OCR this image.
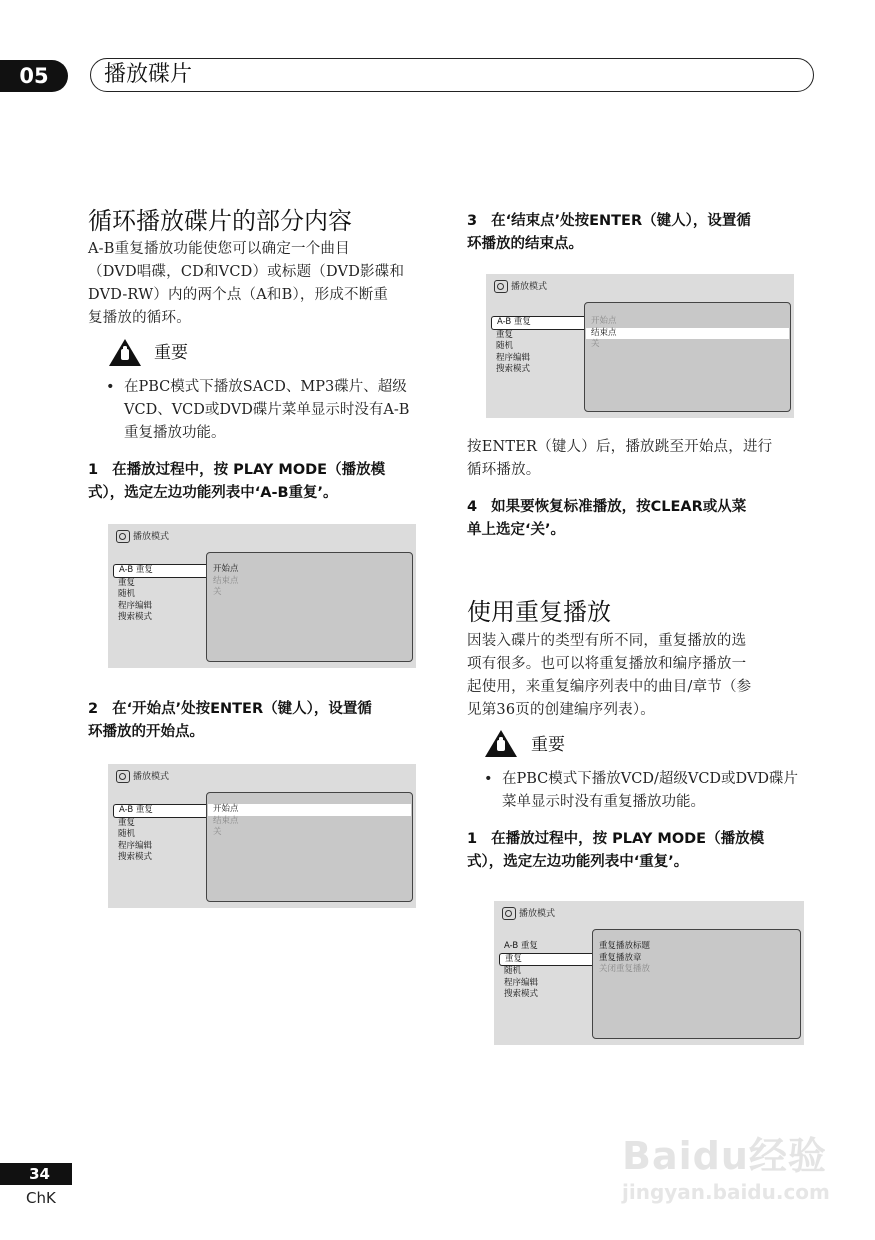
05	播放碟片
循环播放碟片的部分内容
A-B重复播放功能使您可以确定一个曲目
（DVD唱碟，CD和VCD）或标题（DVD影碟和
DVD-RW）内的两个点（A和B），形成不断重
复播放的循环。
重要
• 在PBC模式下播放SACD、MP3碟片、超级
VCD、VCD或DVD碟片菜单显示时没有A-B
重复播放功能。
1 在播放过程中，按 PLAY MODE（播放模
式），选定左边功能列表中‘A-B重复’。
播放模式
A-B 重复
重复
随机
程序编辑
搜索模式
开始点
结束点
关
2 在‘开始点’处按ENTER（键人），设置循
环播放的开始点。
播放模式
A-B 重复
重复
随机
程序编辑
搜索模式
开始点
结束点
关
3 在‘结束点’处按ENTER（键人），设置循
环播放的结束点。
播放模式
A-B 重复
重复
随机
程序编辑
搜索模式
开始点
结束点
关
按ENTER（键人）后，播放跳至开始点，进行
循环播放。
4 如果要恢复标准播放，按CLEAR或从菜
单上选定‘关’。
使用重复播放
因装入碟片的类型有所不同，重复播放的选
项有很多。也可以将重复播放和编序播放一
起使用，来重复编序列表中的曲目/章节（参
见第36页的创建编序列表）。
重要
• 在PBC模式下播放VCD/超级VCD或DVD碟片
菜单显示时没有重复播放功能。
1 在播放过程中，按 PLAY MODE（播放模
式），选定左边功能列表中‘重复’。
播放模式
A-B 重复
重复
随机
程序编辑
搜索模式
重复播放标题
重复播放章
关闭重复播放
34
ChK
Baidu经验
jingyan.baidu.com
